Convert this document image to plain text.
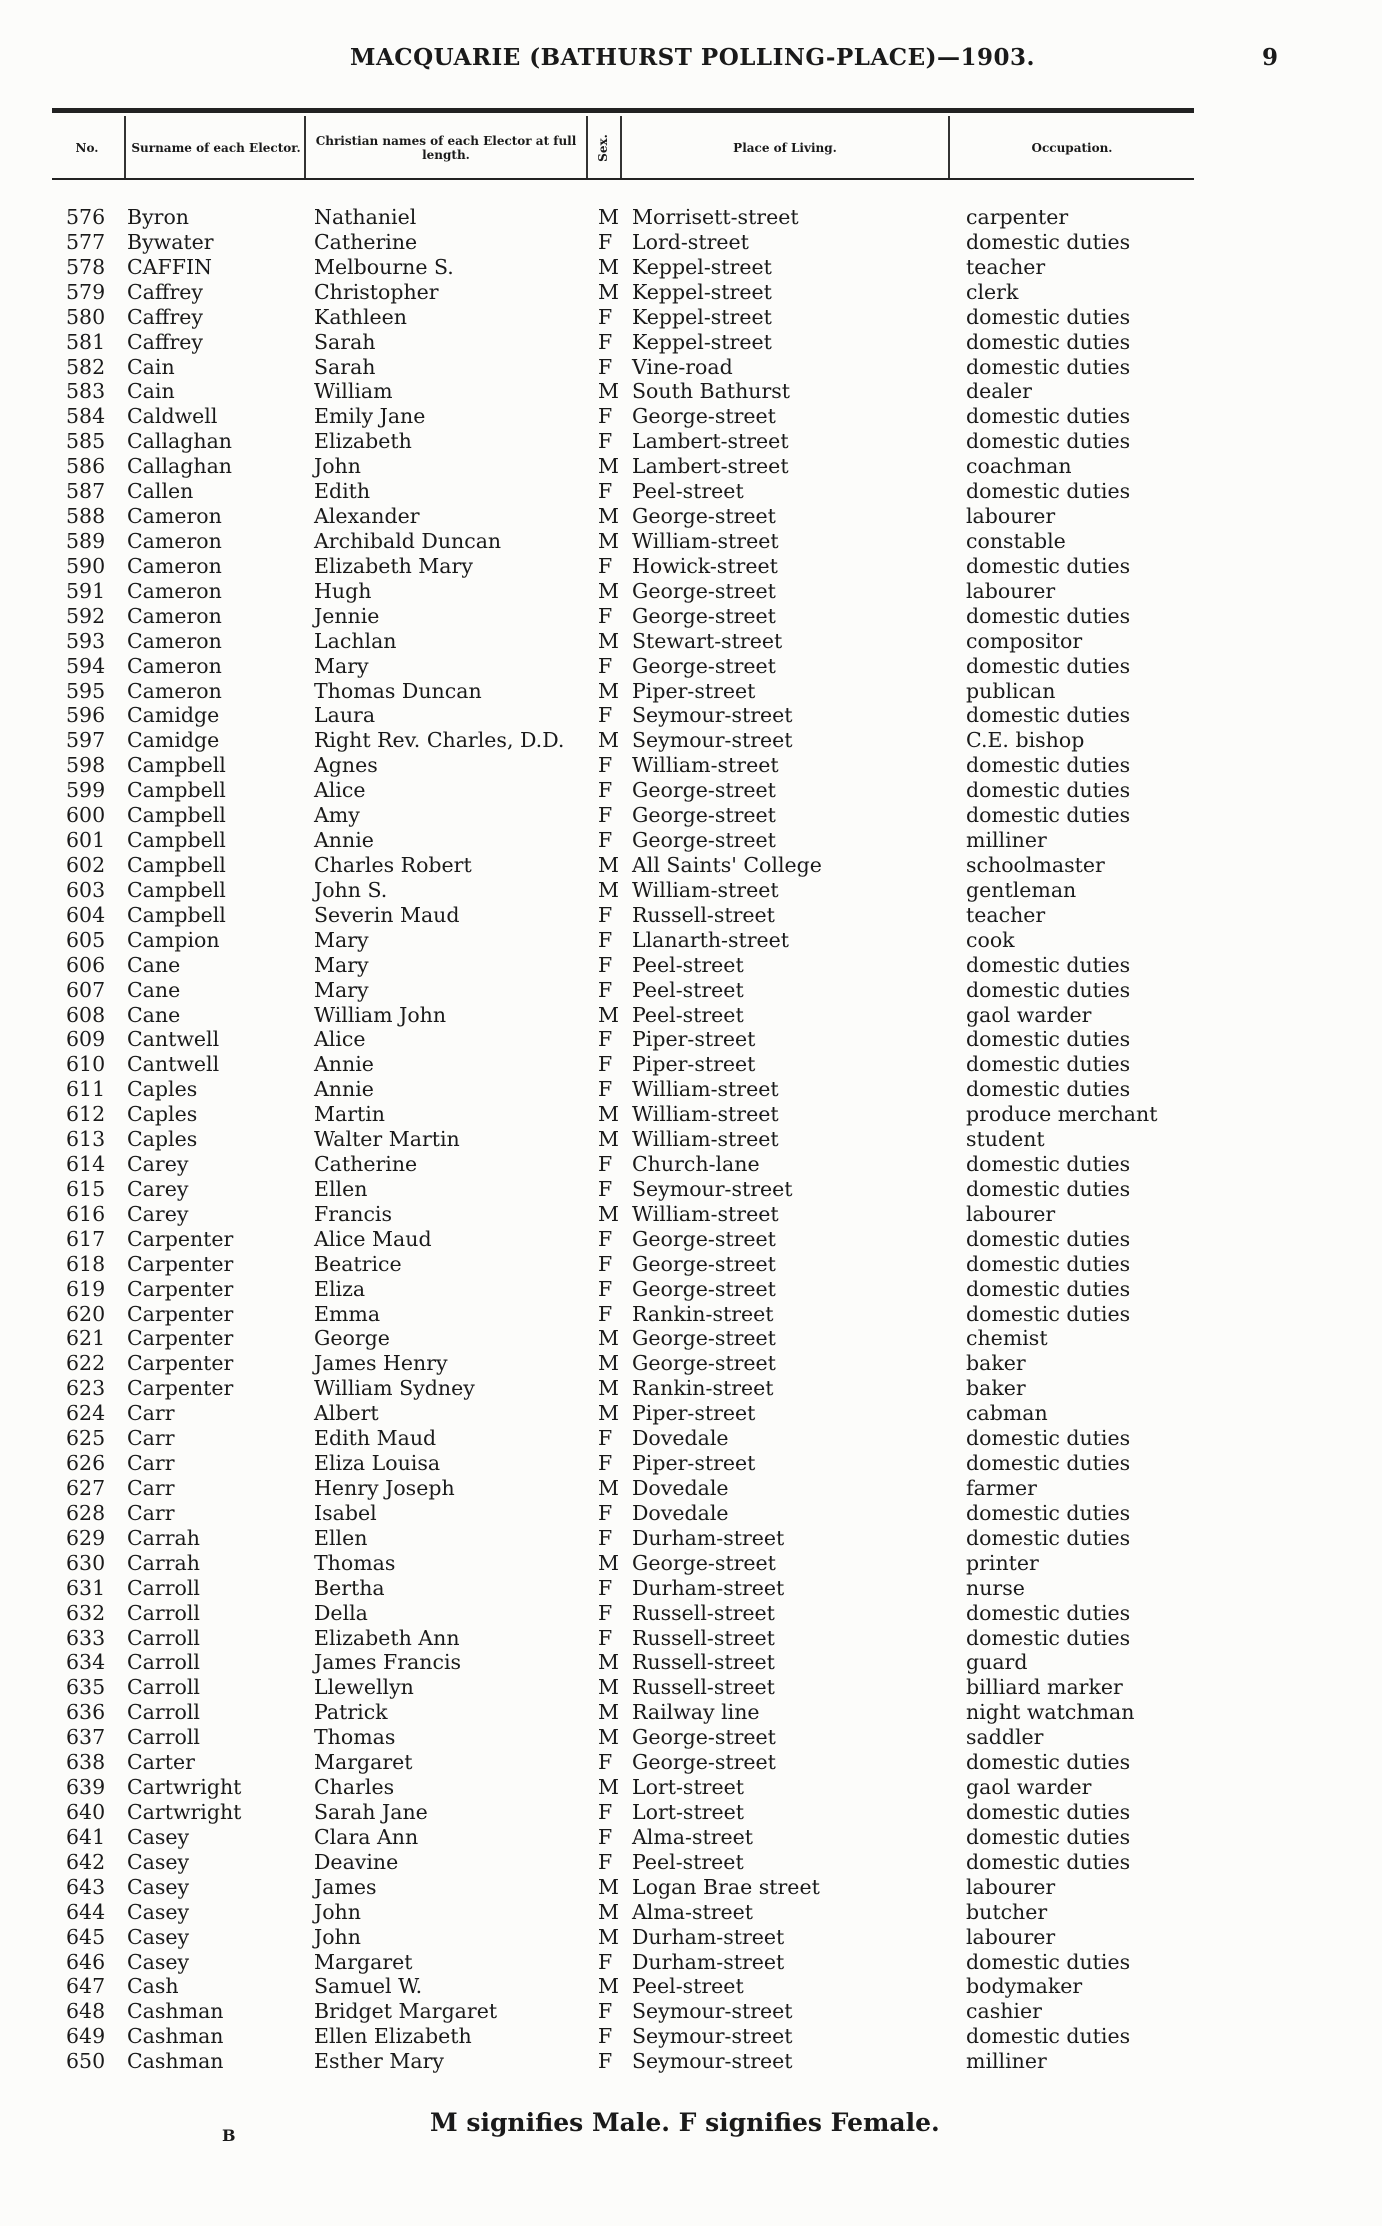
MACQUARIE (BATHURST POLLING-PLACE)—1903.	9
No.	Surname of each Elector.	Christian names of each Elector at full length.	Sex.	Place of Living.	Occupation.
576 Byron	Nathaniel	M Morrisett-street	carpenter
577 Bywater	Catherine	F Lord-street	domestic duties
578 CAFFIN	Melbourne S.	M Keppel-street	teacher
579 Caffrey	Christopher	M Keppel-street	clerk
580 Caffrey	Kathleen	F Keppel-street	domestic duties
581 Caffrey	Sarah	F Keppel-street	domestic duties
582 Cain	Sarah	F Vine-road	domestic duties
583 Cain	William	M South Bathurst	dealer
584 Caldwell	Emily Jane	F George-street	domestic duties
585 Callaghan	Elizabeth	F Lambert-street	domestic duties
586 Callaghan	John	M Lambert-street	coachman
587 Callen	Edith	F Peel-street	domestic duties
588 Cameron	Alexander	M George-street	labourer
589 Cameron	Archibald Duncan	M William-street	constable
590 Cameron	Elizabeth Mary	F Howick-street	domestic duties
591 Cameron	Hugh	M George-street	labourer
592 Cameron	Jennie	F George-street	domestic duties
593 Cameron	Lachlan	M Stewart-street	compositor
594 Cameron	Mary	F George-street	domestic duties
595 Cameron	Thomas Duncan	M Piper-street	publican
596 Camidge	Laura	F Seymour-street	domestic duties
597 Camidge	Right Rev. Charles, D.D. M Seymour-street	C.E. bishop
598 Campbell	Agnes	F William-street	domestic duties
599 Campbell	Alice	F George-street	domestic duties
600 Campbell	Amy	F George-street	domestic duties
601 Campbell	Annie	F George-street	milliner
602 Campbell	Charles Robert	M All Saints' College	schoolmaster
603 Campbell	John S.	M William-street	gentleman
604 Campbell	Severin Maud	F Russell-street	teacher
605 Campion	Mary	F Llanarth-street	cook
606 Cane	Mary	F Peel-street	domestic duties
607 Cane	Mary	F Peel-street	domestic duties
608 Cane	William John	M Peel-street	gaol warder
609 Cantwell	Alice	F Piper-street	domestic duties
610 Cantwell	Annie	F Piper-street	domestic duties
611 Caples	Annie	F William-street	domestic duties
612 Caples	Martin	M William-street	produce merchant
613 Caples	Walter Martin	M William-street	student
614 Carey	Catherine	F Church-lane	domestic duties
615 Carey	Ellen	F Seymour-street	domestic duties
616 Carey	Francis	M William-street	labourer
617 Carpenter	Alice Maud	F George-street	domestic duties
618 Carpenter	Beatrice	F George-street	domestic duties
619 Carpenter	Eliza	F George-street	domestic duties
620 Carpenter	Emma	F Rankin-street	domestic duties
621 Carpenter	George	M George-street	chemist
622 Carpenter	James Henry	M George-street	baker
623 Carpenter	William Sydney	M Rankin-street	baker
624 Carr	Albert	M Piper-street	cabman
625 Carr	Edith Maud	F Dovedale	domestic duties
626 Carr	Eliza Louisa	F Piper-street	domestic duties
627 Carr	Henry Joseph	M Dovedale	farmer
628 Carr	Isabel	F Dovedale	domestic duties
629 Carrah	Ellen	F Durham-street	domestic duties
630 Carrah	Thomas	M George-street	printer
631 Carroll	Bertha	F Durham-street	nurse
632 Carroll	Della	F Russell-street	domestic duties
633 Carroll	Elizabeth Ann	F Russell-street	domestic duties
634 Carroll	James Francis	M Russell-street	guard
635 Carroll	Llewellyn	M Russell-street	billiard marker
636 Carroll	Patrick	M Railway line	night watchman
637 Carroll	Thomas	M George-street	saddler
638 Carter	Margaret	F George-street	domestic duties
639 Cartwright	Charles	M Lort-street	gaol warder
640 Cartwright	Sarah Jane	F Lort-street	domestic duties
641 Casey	Clara Ann	F Alma-street	domestic duties
642 Casey	Deavine	F Peel-street	domestic duties
643 Casey	James	M Logan Brae street	labourer
644 Casey	John	M Alma-street	butcher
645 Casey	John	M Durham-street	labourer
646 Casey	Margaret	F Durham-street	domestic duties
647 Cash	Samuel W.	M Peel-street	bodymaker
648 Cashman	Bridget Margaret	F Seymour-street	cashier
649 Cashman	Ellen Elizabeth	F Seymour-street	domestic duties
650 Cashman	Esther Mary	F Seymour-street	milliner
M signifies Male. F signifies Female.
B
